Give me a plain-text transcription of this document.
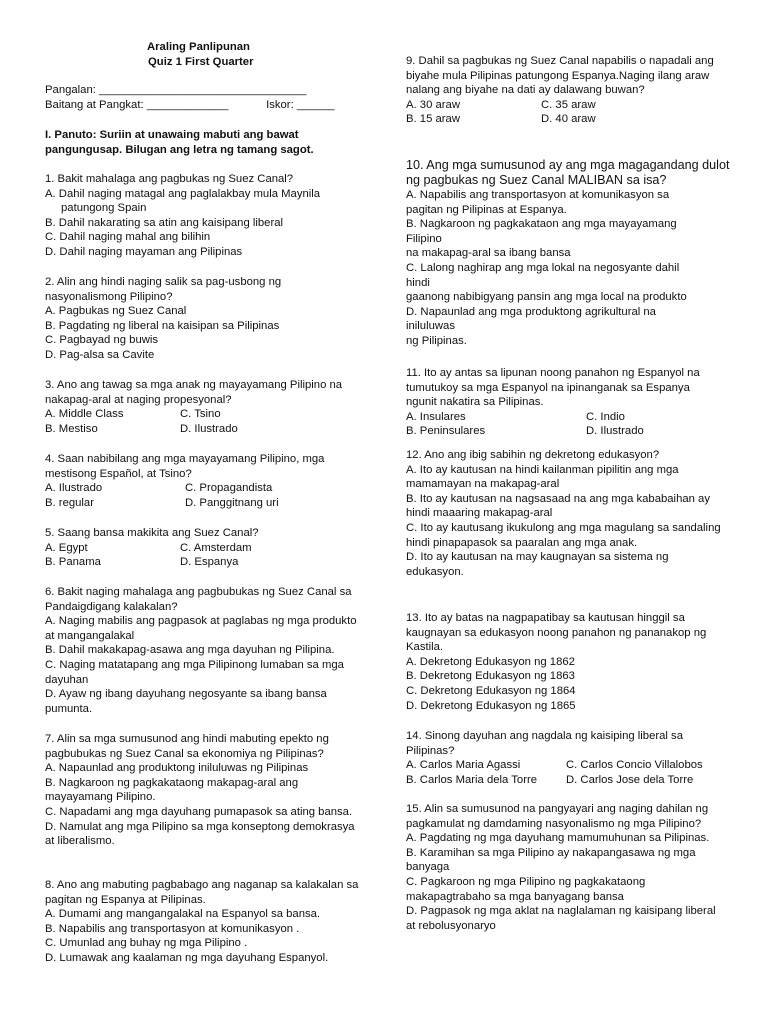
Araling Panlipunan
Quiz 1 First Quarter
Pangalan: _________________________________
Baitang at Pangkat: _____________            Iskor: ______
I. Panuto: Suriin at unawaing mabuti ang bawat pangungusap. Bilugan ang letra ng tamang sagot.
1. Bakit mahalaga ang pagbukas ng Suez Canal?
A. Dahil naging matagal ang paglalakbay mula Maynila
patungong Spain
B. Dahil nakarating sa atin ang kaisipang liberal
C. Dahil naging mahal ang bilihin
D. Dahil naging mayaman ang Pilipinas
2. Alin ang hindi naging salik sa pag-usbong ng nasyonalismong Pilipino?
A. Pagbukas ng Suez Canal
B. Pagdating ng liberal na kaisipan sa Pilipinas
C. Pagbayad ng buwis
D. Pag-alsa sa Cavite
3. Ano ang tawag sa mga anak ng mayayamang Pilipino na nakapag-aral at naging propesyonal?
A. Middle Class	C. Tsino
B. Mestiso	D. Ilustrado
4. Saan nabibilang ang mga mayayamang Pilipino, mga mestisong Español, at Tsino?
A. Ilustrado	C. Propagandista
B. regular	D. Panggitnang uri
5. Saang bansa makikita ang Suez Canal?
A. Egypt	C. Amsterdam
B. Panama	D. Espanya
6. Bakit naging mahalaga ang pagbubukas ng Suez Canal sa Pandaigdigang kalakalan?
A. Naging mabilis ang pagpasok at paglabas ng mga produkto at mangangalakal
B. Dahil makakapag-asawa ang mga dayuhan ng Pilipina.
C. Naging matatapang ang mga Pilipinong lumaban sa mga dayuhan
D. Ayaw ng ibang dayuhang negosyante sa ibang bansa pumunta.
7. Alin sa mga sumusunod ang hindi mabuting epekto ng pagbubukas ng Suez Canal sa ekonomiya ng Pilipinas?
A. Napaunlad ang produktong iniluluwas ng Pilipinas
B. Nagkaroon ng pagkakataong makapag-aral ang mayayamang Pilipino.
C. Napadami ang mga dayuhang pumapasok sa ating bansa.
D. Namulat ang mga Pilipino sa mga konseptong demokrasya at liberalismo.
8. Ano ang mabuting pagbabago ang naganap sa kalakalan sa pagitan ng Espanya at Pilipinas.
A. Dumami ang mangangalakal na Espanyol sa bansa.
B. Napabilis ang transportasyon at komunikasyon .
C. Umunlad ang buhay ng mga Pilipino .
D. Lumawak ang kaalaman ng mga dayuhang Espanyol.
9. Dahil sa pagbukas ng Suez Canal napabilis o napadali ang biyahe mula Pilipinas patungong Espanya.Naging ilang araw nalang ang biyahe na dati ay dalawang buwan?
A. 30 araw	C. 35 araw
B. 15 araw	D. 40 araw
10. Ang mga sumusunod ay ang mga magagandang dulot ng pagbukas ng Suez Canal MALIBAN sa isa?
A. Napabilis ang transportasyon at komunikasyon sa pagitan ng Pilipinas at Espanya.
B. Nagkaroon ng pagkakataon ang mga mayayamang Filipino
na makapag-aral sa ibang bansa
C. Lalong naghirap ang mga lokal na negosyante dahil hindi
gaanong nabibigyang pansin ang mga local na produkto
D. Napaunlad ang mga produktong agrikultural na iniluluwas
ng Pilipinas.
11. Ito ay antas sa lipunan noong panahon ng Espanyol na tumutukoy sa mga Espanyol na ipinanganak sa Espanya ngunit nakatira sa Pilipinas.
A. Insulares	C. Indio
B. Peninsulares	D. Ilustrado
12. Ano ang ibig sabihin ng dekretong edukasyon?
A. Ito ay kautusan na hindi kailanman pipilitin ang mga mamamayan na makapag-aral
B. Ito ay kautusan na nagsasaad na ang mga kababaihan ay hindi maaaring makapag-aral
C. Ito ay kautusang ikukulong ang mga magulang sa sandaling
hindi pinapapasok sa paaralan ang mga anak.
D. Ito ay kautusan na may kaugnayan sa sistema ng edukasyon.
13. Ito ay batas na nagpapatibay sa kautusan hinggil sa kaugnayan sa edukasyon noong panahon ng pananakop ng Kastila.
A. Dekretong Edukasyon ng 1862
B. Dekretong Edukasyon ng 1863
C. Dekretong Edukasyon ng 1864
D. Dekretong Edukasyon ng 1865
14. Sinong dayuhan ang nagdala ng kaisiping liberal sa Pilipinas?
A. Carlos Maria Agassi	C. Carlos Concio Villalobos
B. Carlos Maria dela Torre	D. Carlos Jose dela Torre
15. Alin sa sumusunod na pangyayari ang naging dahilan ng pagkamulat ng damdaming nasyonalismo ng mga Pilipino?
A. Pagdating ng mga dayuhang mamumuhunan sa Pilipinas.
B. Karamihan sa mga Pilipino ay nakapangasawa ng mga banyaga
C. Pagkaroon ng mga Pilipino ng pagkakataong makapagtrabaho sa mga banyagang bansa
D. Pagpasok ng mga aklat na naglalaman ng kaisipang liberal at rebolusyonaryo
